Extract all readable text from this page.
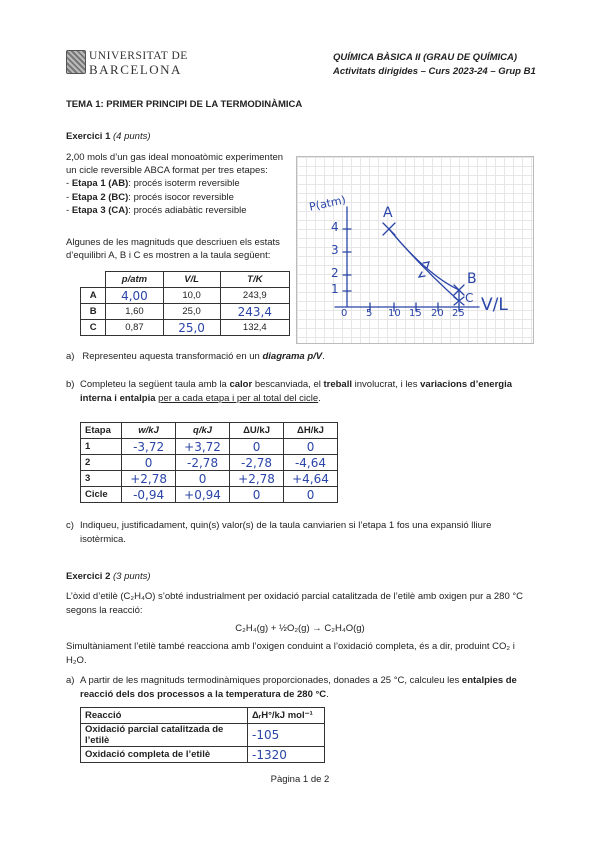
UNIVERSITAT DE
BARCELONA
QUÍMICA BÀSICA II (GRAU DE QUÍMICA)
Activitats dirigides – Curs 2023-24 – Grup B1
TEMA 1: PRIMER PRINCIPI DE LA TERMODINÀMICA
Exercici 1 (4 punts)

2,00 mols d’un gas ideal monoatòmic experimenten un cicle reversible ABCA format per tres etapes:

- Etapa 1 (AB): procés isoterm reversible
- Etapa 2 (BC): procés isocor reversible
- Etapa 3 (CA): procés adiabàtic reversible

Algunes de les magnituds que descriuen els estats d’equilibri A, B i C es mostren a la taula següent:

	p/atm	V/L	T/K
A	4,00	10,0	243,9
B	1,60	25,0	243,4
C	0,87	25,0	132,4
P(atm)
4
3
2
1
0 5 10 15 20 25 V/L
A
B
C
a) Representeu aquesta transformació en un diagrama p/V.
b) Completeu la següent taula amb la calor bescanviada, el treball involucrat, i les variacions d’energia interna i entalpia per a cada etapa i per al total del cicle.
Etapa	w/kJ	q/kJ	ΔU/kJ	ΔH/kJ
1	-3,72	+3,72	0	0
2	0	-2,78	-2,78	-4,64
3	+2,78	0	+2,78	+4,64
Cicle	-0,94	+0,94	0	0
c) Indiqueu, justificadament, quin(s) valor(s) de la taula canviarien si l’etapa 1 fos una expansió lliure isotèrmica.
Exercici 2 (3 punts)

L’òxid d’etilè (C₂H₄O) s’obté industrialment per oxidació parcial catalitzada de l’etilè amb oxigen pur a 280 °C segons la reacció:

C₂H₄(g) + ½O₂(g) → C₂H₄O(g)

Simultàniament l’etilè també reacciona amb l’oxigen conduint a l’oxidació completa, és a dir, produint CO₂ i H₂O.

a) A partir de les magnituds termodinàmiques proporcionades, donades a 25 °C, calculeu les entalpies de reacció dels dos processos a la temperatura de 280 °C.
Reacció	ΔᵣH°/kJ mol⁻¹
Oxidació parcial catalitzada de l’etilè	-105
Oxidació completa de l’etilè	-1320
Pàgina 1 de 2
